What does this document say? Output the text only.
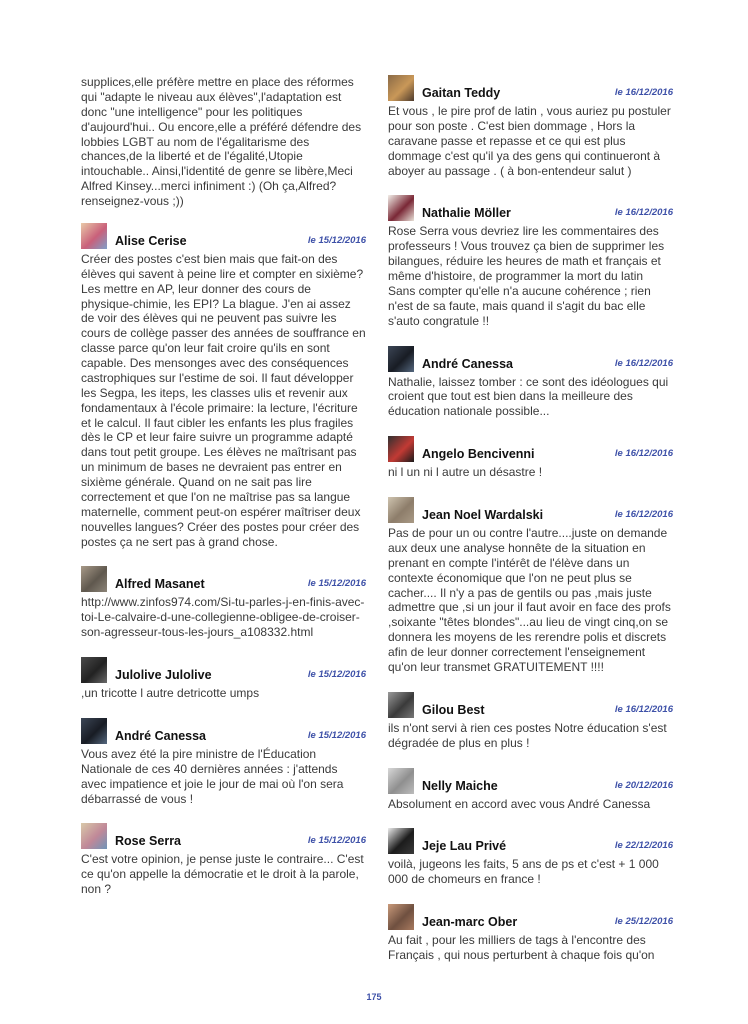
supplices,elle préfère mettre en place des réformes qui "adapte le niveau aux élèves",l'adaptation est donc "une intelligence" pour les politiques d'aujourd'hui.. Ou encore,elle a préféré défendre des lobbies LGBT au nom de l'égalitarisme des chances,de la liberté et de l'égalité,Utopie intouchable.. Ainsi,l'identité de genre se libère,Meci Alfred Kinsey...merci infiniment :) (Oh ça,Alfred? renseignez-vous ;))

Alise Cerise	le 15/12/2016
Créer des postes c'est bien mais que fait-on des élèves qui savent à peine lire et compter en sixième? Les mettre en AP, leur donner des cours de physique-chimie, les EPI? La blague. J'en ai assez de voir des élèves qui ne peuvent pas suivre les cours de collège passer des années de souffrance en classe parce qu'on leur fait croire qu'ils en sont capable. Des mensonges avec des conséquences castrophiques sur l'estime de soi. Il faut développer les Segpa, les iteps, les classes ulis et revenir aux fondamentaux à l'école primaire: la lecture, l'écriture et le calcul. Il faut cibler les enfants les plus fragiles dès le CP et leur faire suivre un programme adapté dans tout petit groupe. Les élèves ne maîtrisant pas un minimum de bases ne devraient pas entrer en sixième générale. Quand on ne sait pas lire correctement et que l'on ne maîtrise pas sa langue maternelle, comment peut-on espérer maîtriser deux nouvelles langues? Créer des postes pour créer des postes ça ne sert pas à grand chose.
Alfred Masanet	le 15/12/2016
http://www.zinfos974.com/Si-tu-parles-j-en-finis-avec-toi-Le-calvaire-d-une-collegienne-obligee-de-croiser-son-agresseur-tous-les-jours_a108332.html
Julolive Julolive	le 15/12/2016
,un tricotte l autre detricotte umps
André Canessa	le 15/12/2016
Vous avez été la pire ministre de l'Éducation Nationale de ces 40 dernières années : j'attends avec impatience et joie le jour de mai où l'on sera débarrassé de vous !
Rose Serra	le 15/12/2016
C'est votre opinion, je pense juste le contraire... C'est ce qu'on appelle la démocratie et le droit à la parole, non ?
Gaitan Teddy	le 16/12/2016
Et vous , le pire prof de latin , vous auriez pu postuler pour son poste . C'est bien dommage , Hors la caravane passe et repasse et ce qui est plus dommage c'est qu'il ya des gens qui continueront à aboyer au passage . ( à bon-entendeur salut )
Nathalie Möller	le 16/12/2016
Rose Serra vous devriez lire les commentaires des professeurs ! Vous trouvez ça bien de supprimer les bilangues, réduire les heures de math et français et même d'histoire, de programmer la mort du latin Sans compter qu'elle n'a aucune cohérence ; rien n'est de sa faute, mais quand il s'agit du bac elle s'auto congratule !!
André Canessa	le 16/12/2016
Nathalie, laissez tomber : ce sont des idéologues qui croient que tout est bien dans la meilleure des éducation nationale possible...
Angelo Bencivenni	le 16/12/2016
ni l un ni l autre un désastre !
Jean Noel Wardalski	le 16/12/2016
Pas de pour un ou contre l'autre....juste on demande aux deux une analyse honnête de la situation en prenant en compte l'intérêt de l'élève dans un contexte économique que l'on ne peut plus se cacher.... Il n'y a pas de gentils ou pas ,mais juste admettre que ,si un jour il faut avoir en face des profs ,soixante "têtes blondes"...au lieu de vingt cinq,on se donnera les moyens de les rerendre polis et discrets afin de leur donner correctement l'enseignement qu'on leur transmet GRATUITEMENT !!!!
Gilou Best	le 16/12/2016
ils n'ont servi à rien ces postes Notre éducation s'est dégradée de plus en plus !
Nelly Maiche	le 20/12/2016
Absolument en accord avec vous André Canessa
Jeje Lau Privé	le 22/12/2016
voilà, jugeons les faits, 5 ans de ps et c'est + 1 000 000 de chomeurs en france !
Jean-marc Ober	le 25/12/2016
Au fait , pour les milliers de tags à l'encontre des Français , qui nous perturbent à chaque fois qu'on
175
